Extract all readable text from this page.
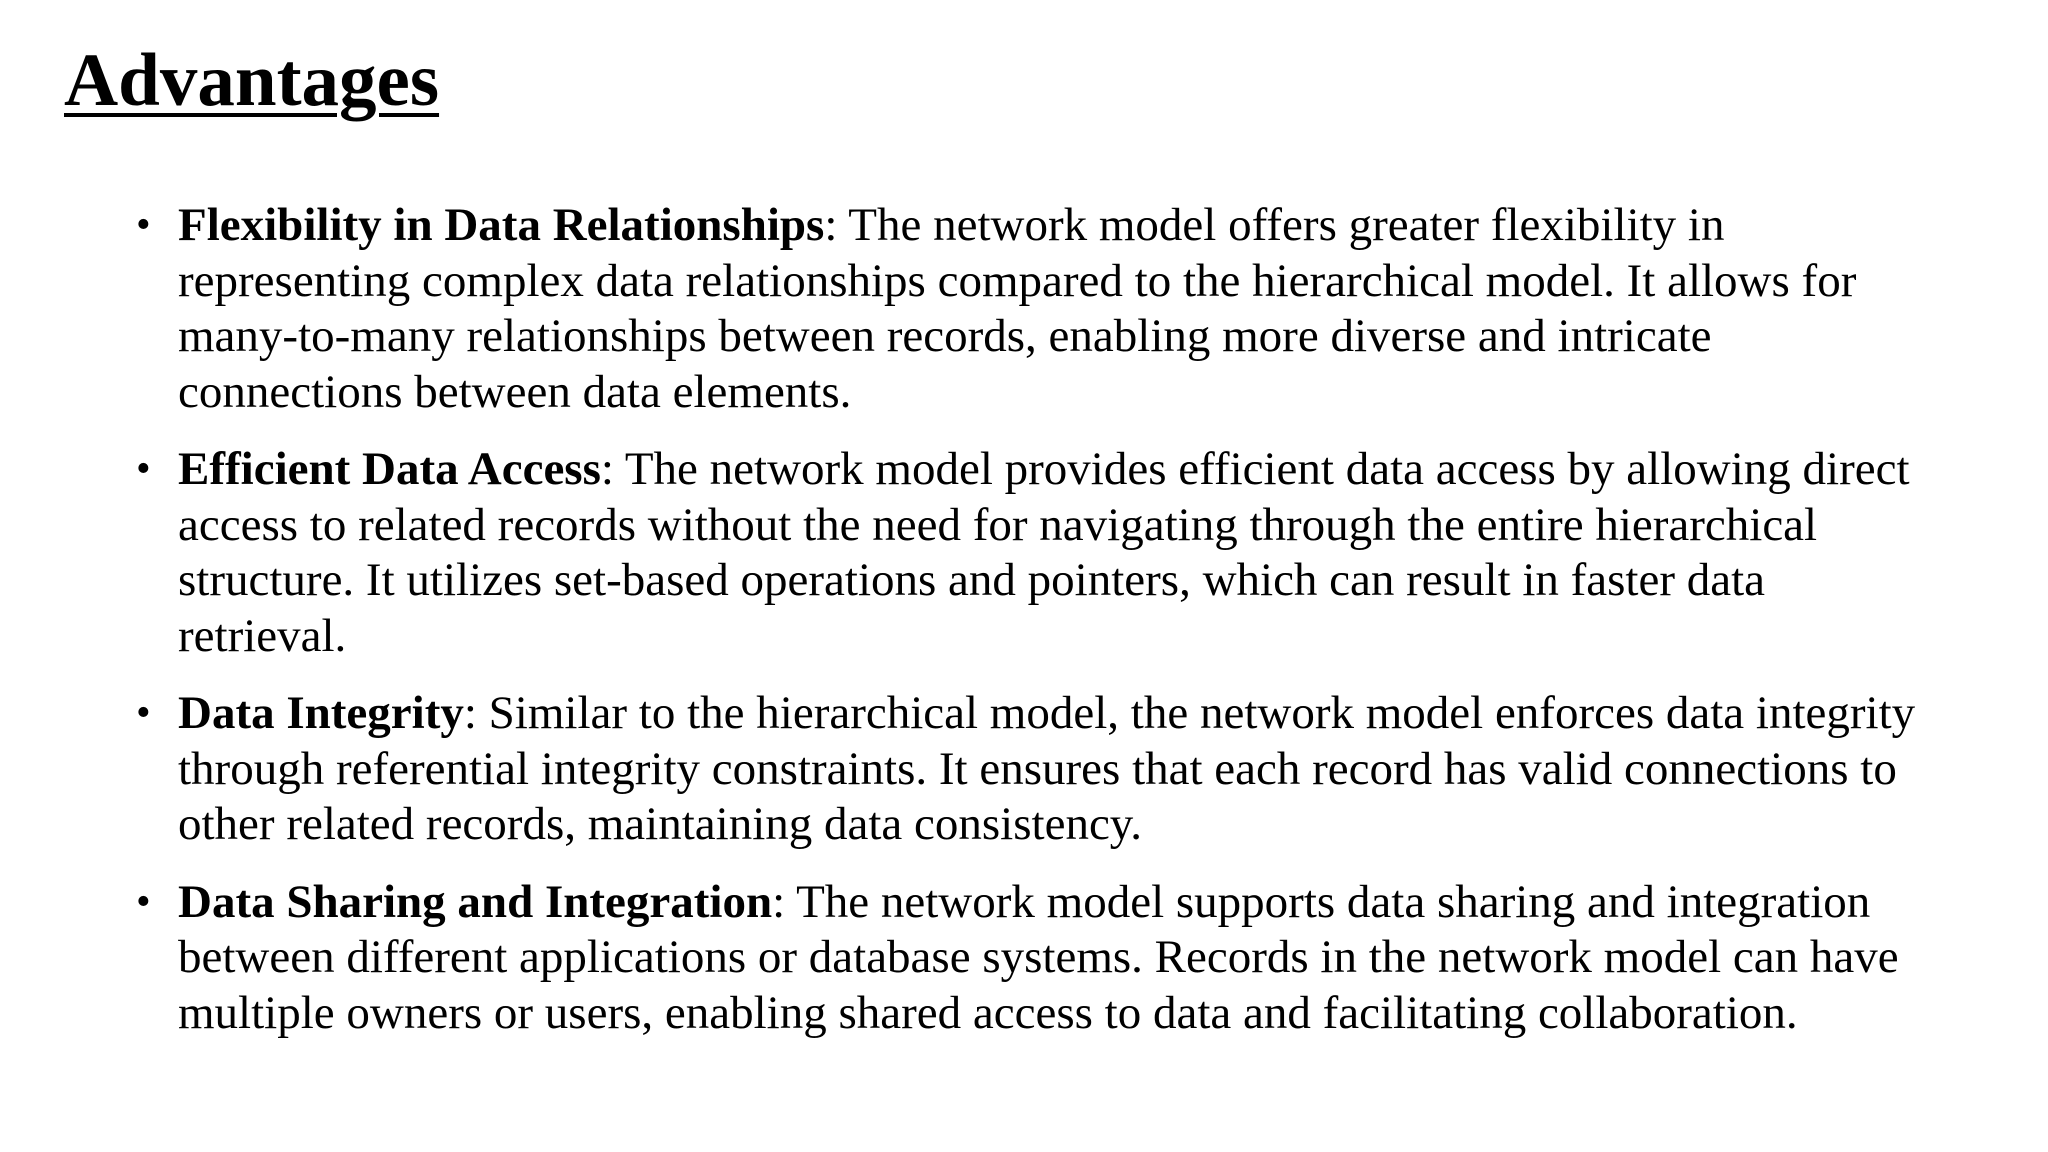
Advantages
• Flexibility in Data Relationships: The network model offers greater flexibility in representing complex data relationships compared to the hierarchical model. It allows for many-to-many relationships between records, enabling more diverse and intricate connections between data elements.
• Efficient Data Access: The network model provides efficient data access by allowing direct access to related records without the need for navigating through the entire hierarchical structure. It utilizes set-based operations and pointers, which can result in faster data retrieval.
• Data Integrity: Similar to the hierarchical model, the network model enforces data integrity through referential integrity constraints. It ensures that each record has valid connections to other related records, maintaining data consistency.
• Data Sharing and Integration: The network model supports data sharing and integration between different applications or database systems. Records in the network model can have multiple owners or users, enabling shared access to data and facilitating collaboration.
